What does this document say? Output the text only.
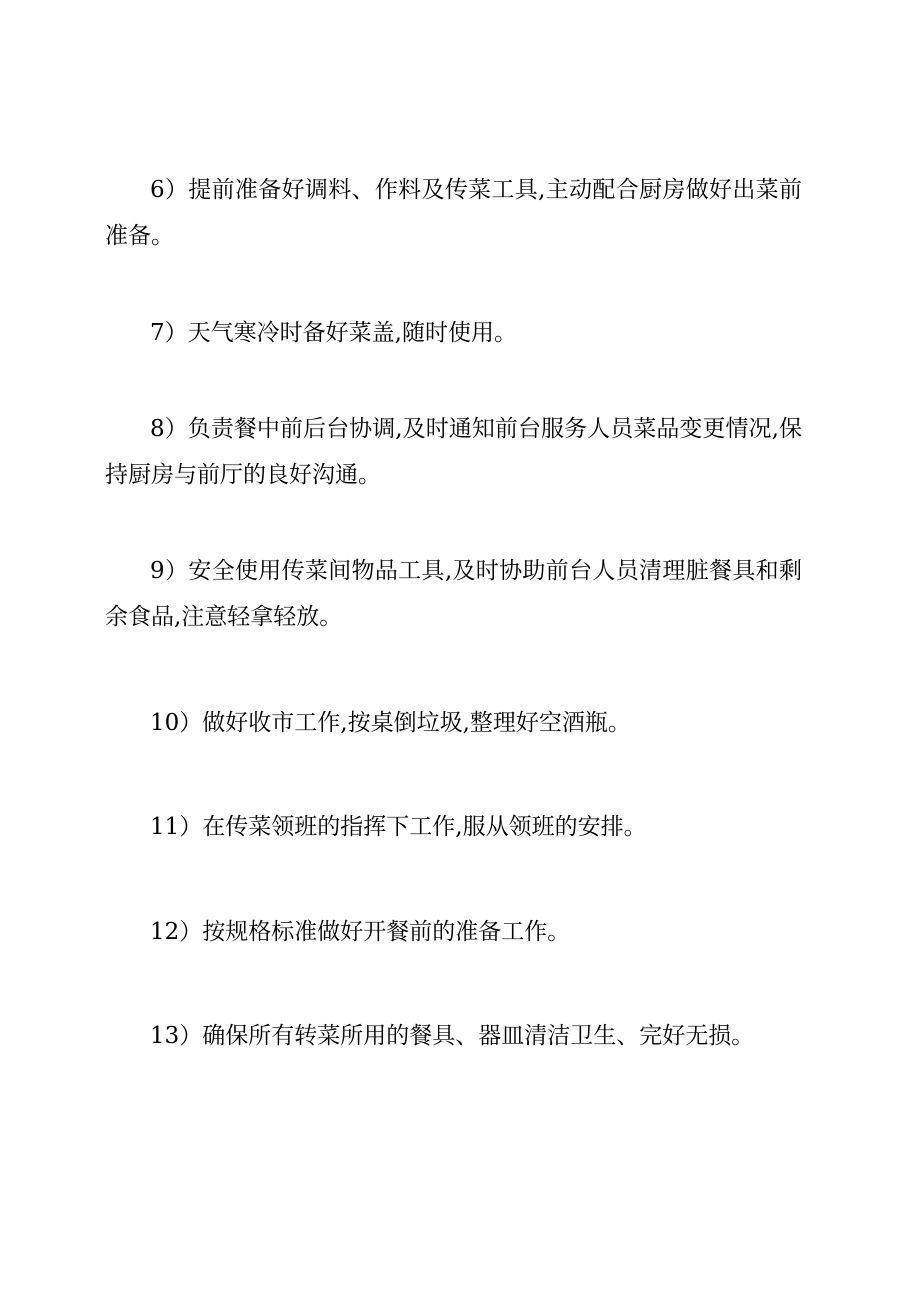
6）提前准备好调料、作料及传菜工具,主动配合厨房做好出菜前
准备。
7）天气寒冷时备好菜盖,随时使用。
8）负责餐中前后台协调,及时通知前台服务人员菜品变更情况,保
持厨房与前厅的良好沟通。
9）安全使用传菜间物品工具,及时协助前台人员清理脏餐具和剩
余食品,注意轻拿轻放。
10）做好收市工作,按桌倒垃圾,整理好空酒瓶。
11）在传菜领班的指挥下工作,服从领班的安排。
12）按规格标准做好开餐前的准备工作。
13）确保所有转菜所用的餐具、器皿清洁卫生、完好无损。
